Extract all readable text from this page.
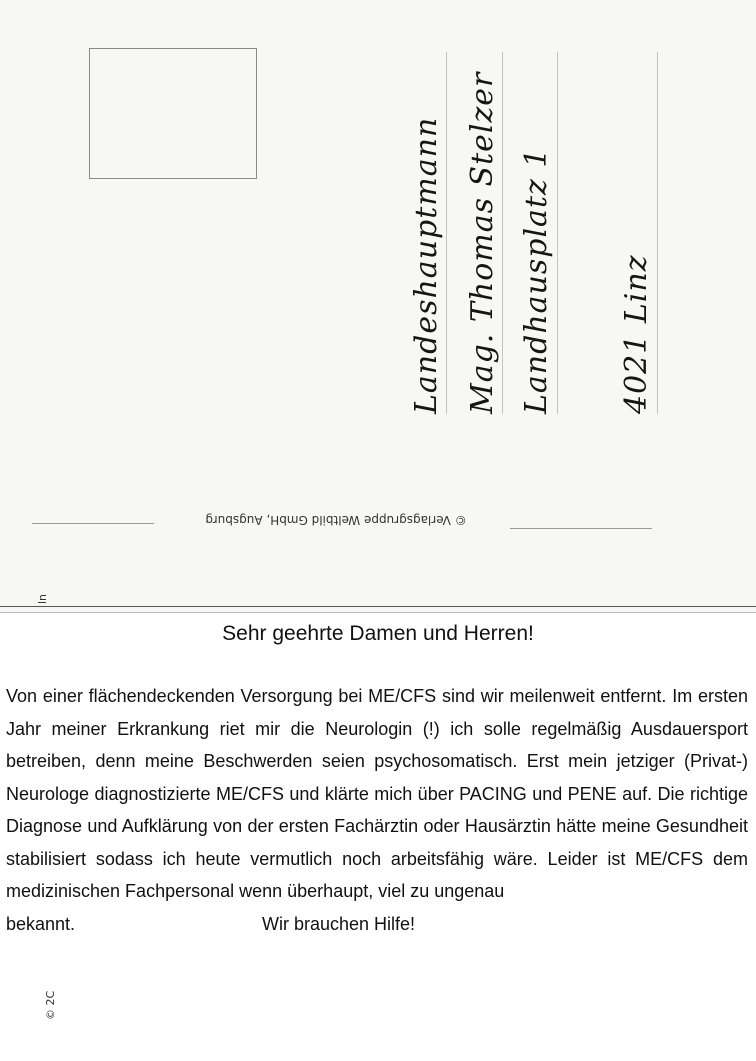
Landeshauptmann Mag. Thomas Stelzer Landhausplatz 1 4021 Linz
© Verlagsgruppe Weltbild GmbH, Augsburg
ln
Sehr geehrte Damen und Herren!
Von einer flächendeckenden Versorgung bei ME/CFS sind wir meilenweit entfernt. Im ersten Jahr meiner Erkrankung riet mir die Neurologin (!) ich solle regelmäßig Ausdauersport betreiben, denn meine Beschwerden seien psychosomatisch. Erst mein jetziger (Privat-) Neurologe diagnostizierte ME/CFS und klärte mich über PACING und PENE auf. Die richtige Diagnose und Aufklärung von der ersten Fachärztin oder Hausärztin hätte meine Gesundheit stabilisiert sodass ich heute vermutlich noch arbeitsfähig wäre. Leider ist ME/CFS dem medizinischen Fachpersonal wenn überhaupt, viel zu ungenau
bekannt.	Wir brauchen Hilfe!
© 2C
